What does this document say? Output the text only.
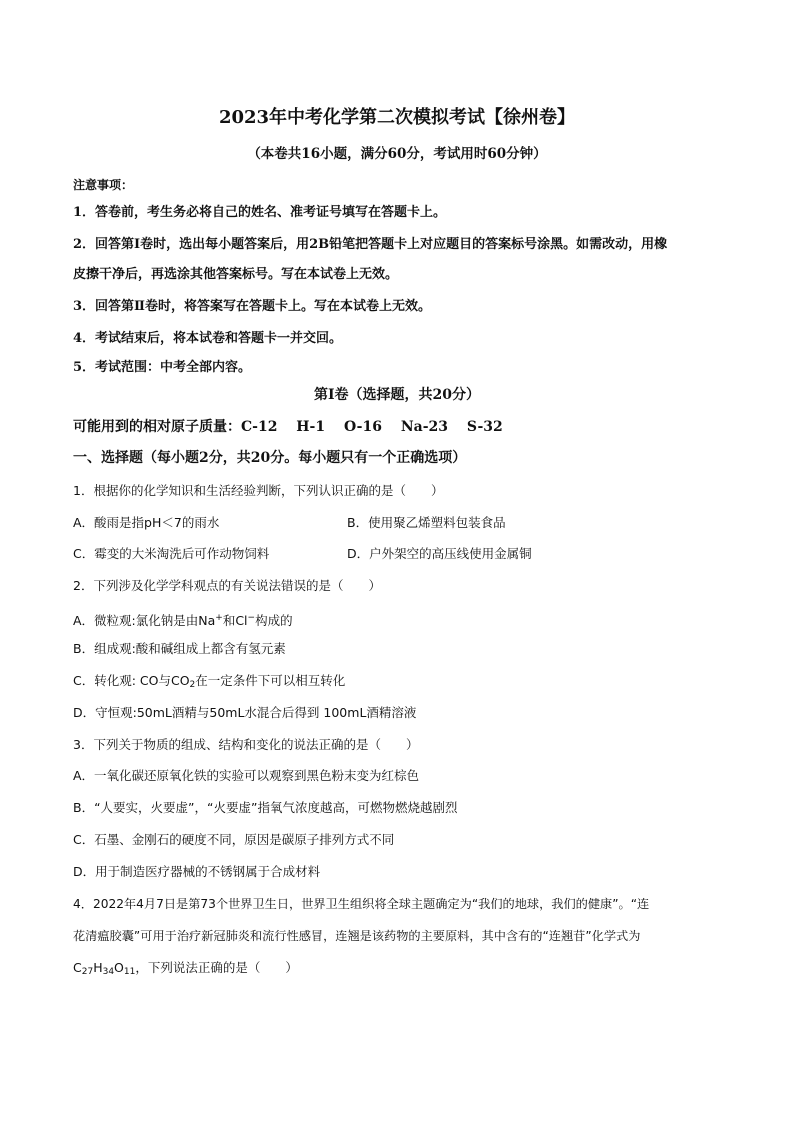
2023年中考化学第二次模拟考试【徐州卷】
（本卷共16小题，满分60分，考试用时60分钟）
注意事项：
1．答卷前，考生务必将自己的姓名、准考证号填写在答题卡上。
2．回答第Ⅰ卷时，选出每小题答案后，用2B铅笔把答题卡上对应题目的答案标号涂黑。如需改动，用橡
皮擦干净后，再选涂其他答案标号。写在本试卷上无效。
3．回答第Ⅱ卷时，将答案写在答题卡上。写在本试卷上无效。
4．考试结束后，将本试卷和答题卡一并交回。
5．考试范围：中考全部内容。
第Ⅰ卷（选择题，共20分）
可能用到的相对原子质量：C-12　 H-1　 O-16　 Na-23　 S-32
一、选择题（每小题2分，共20分。每小题只有一个正确选项）
1．根据你的化学知识和生活经验判断，下列认识正确的是（　　）
A．酸雨是指pH＜7的雨水	B．使用聚乙烯塑料包装食品
C．霉变的大米淘洗后可作动物饲料	D．户外架空的高压线使用金属铜
2．下列涉及化学学科观点的有关说法错误的是（　　）
A．微粒观:氯化钠是由Na+和Cl−构成的
B．组成观:酸和碱组成上都含有氢元素
C．转化观: CO与$CO_2$在一定条件下可以相互转化
D．守恒观:50mL酒精与50mL水混合后得到 100mL酒精溶液
3．下列关于物质的组成、结构和变化的说法正确的是（　　）
A．一氧化碳还原氧化铁的实验可以观察到黑色粉末变为红棕色
B．“人要实，火要虚”，“火要虚”指氧气浓度越高，可燃物燃烧越剧烈
C．石墨、金刚石的硬度不同，原因是碳原子排列方式不同
D．用于制造医疗器械的不锈钢属于合成材料
4．2022年4月7日是第73个世界卫生日，世界卫生组织将全球主题确定为“我们的地球，我们的健康”。“连
花清瘟胶囊”可用于治疗新冠肺炎和流行性感冒，连翘是该药物的主要原料，其中含有的“连翘苷”化学式为
$C_{27}H_{34}O_{11}$，下列说法正确的是（　　）
